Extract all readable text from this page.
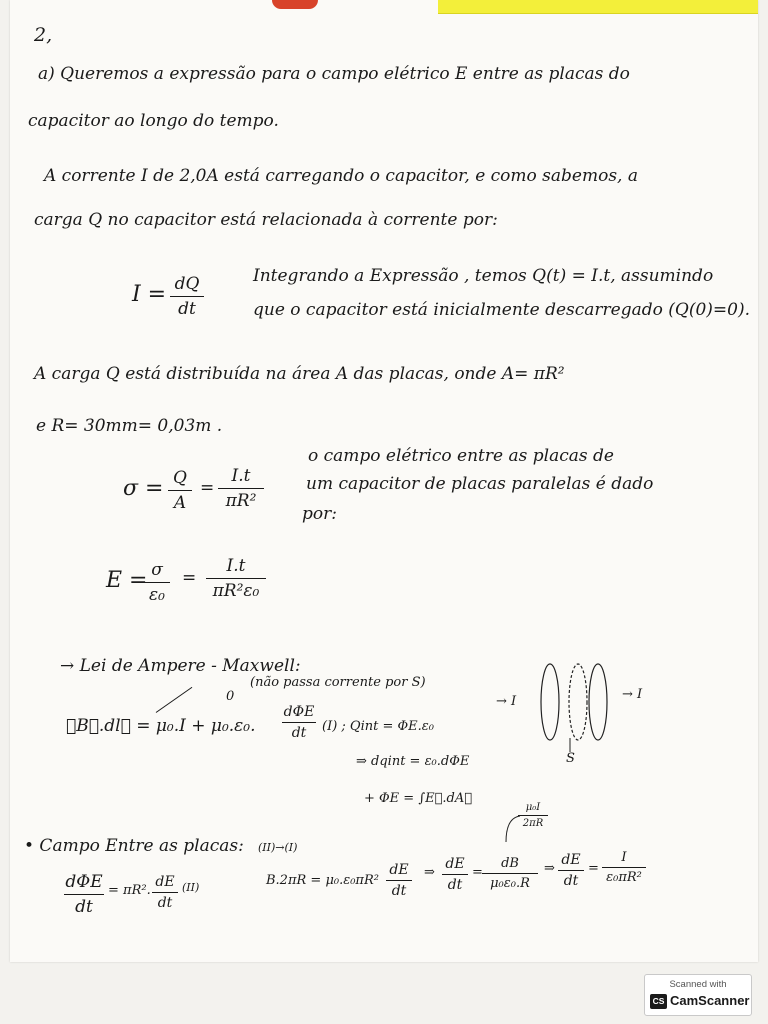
2,
a) Queremos a expressão para o campo elétrico E entre as placas do
capacitor ao longo do tempo.
A corrente I de 2,0A está carregando o capacitor, e como sabemos, a
carga Q no capacitor está relacionada à corrente por:
I = dQ
dt
Integrando a Expressão , temos Q(t) = I.t, assumindo
que o capacitor está inicialmente descarregado (Q(0)=0).
A carga Q está distribuída na área A das placas, onde A= πR²
e R= 30mm= 0,03m .
σ = Q
A
=
I.t
πR²
o campo elétrico entre as placas de
um capacitor de placas paralelas é dado
por:
E = σ
ε₀
=
I.t
πR²ε₀
→ Lei de Ampere - Maxwell:
0
(não passa corrente por S)
∮B⃗.dl⃗ = μ₀.I + μ₀.ε₀.
dΦE
dt	(I) ; Qint = ΦE.ε₀
⇒ dqint = ε₀.dΦE
+ ΦE = ∫E⃗.dA⃗
→ I	→ I
S
μ₀I
2πR
• Campo Entre as placas: (II)→(I)
dΦE
dt
= πR².
dE
dt
(II)	B.2πR = μ₀.ε₀πR²
dE
dt
⇒
dE
dt
=
dB
μ₀ε₀.R
⇒
dE
dt
=
I
ε₀πR²
Scanned with
CS CamScanner
